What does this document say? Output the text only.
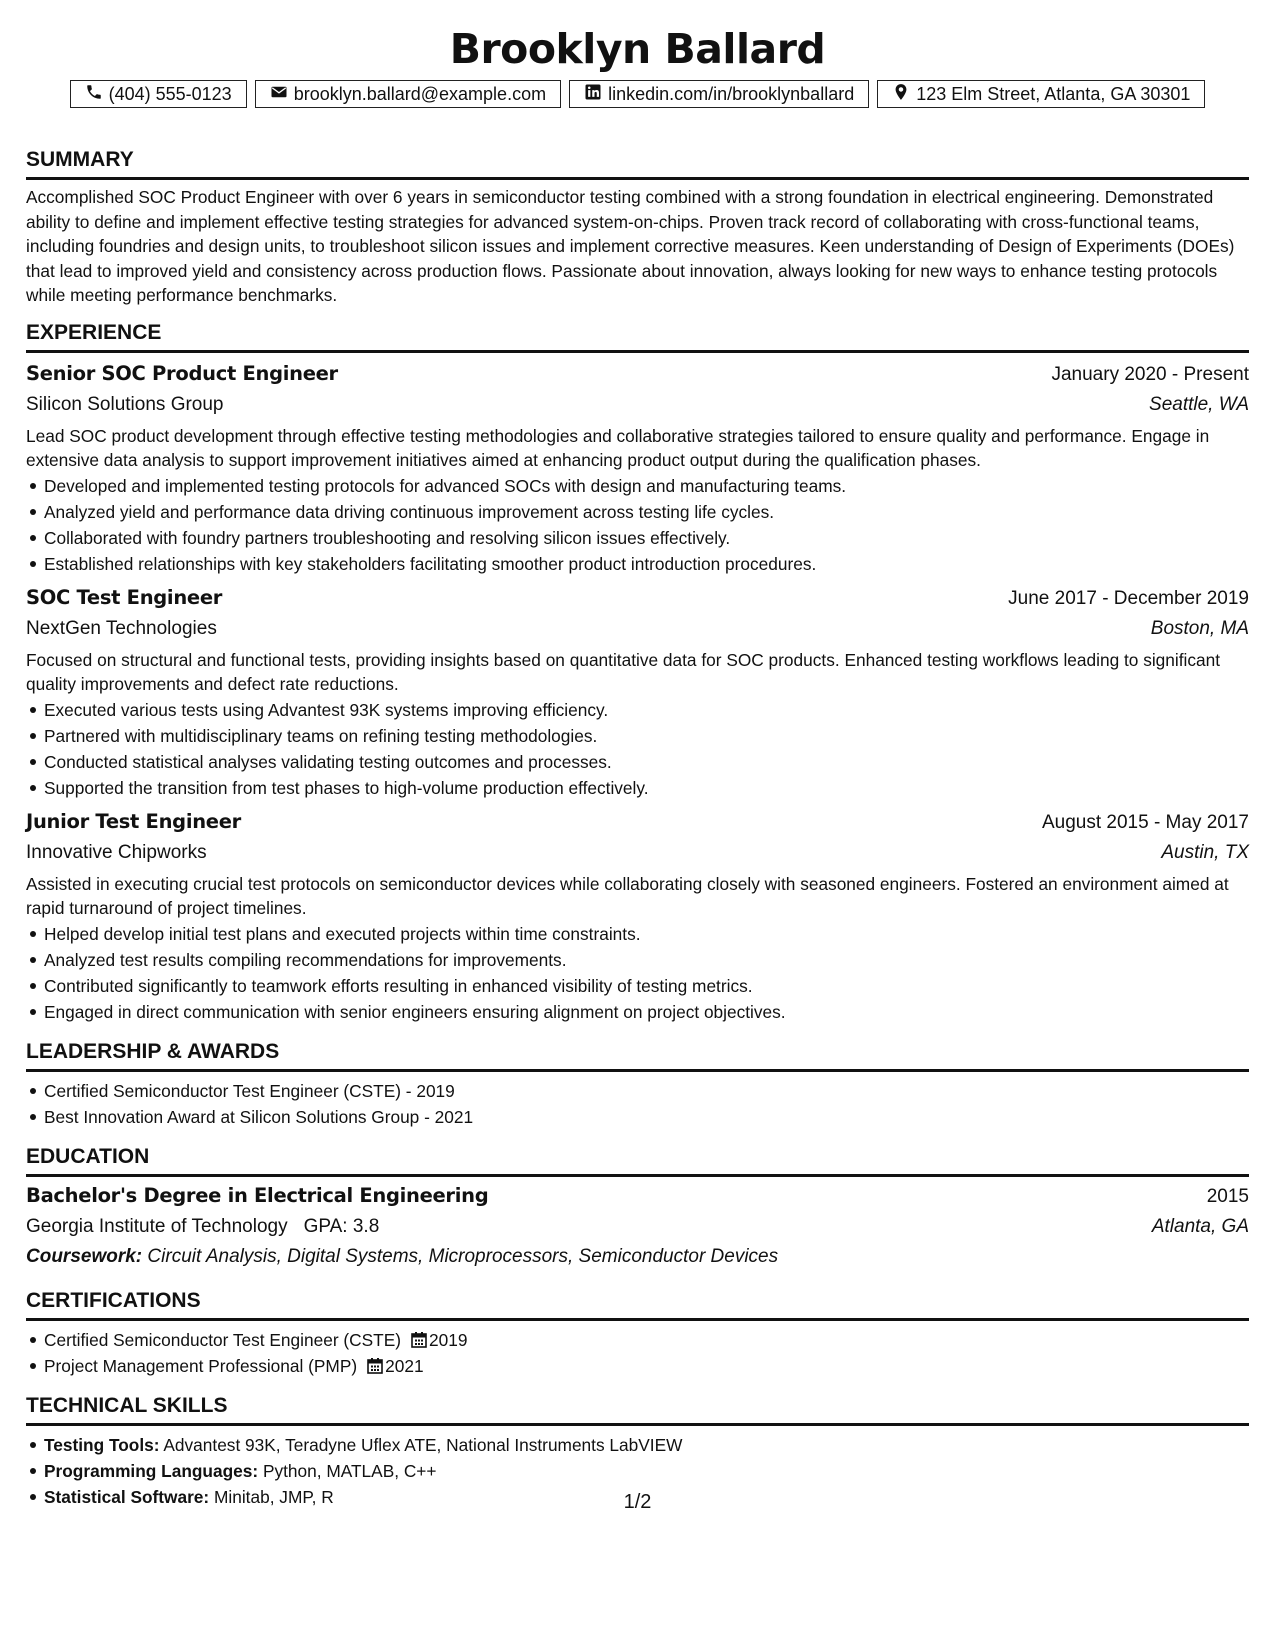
Brooklyn Ballard
(404) 555-0123	brooklyn.ballard@example.com	linkedin.com/in/brooklynballard	123 Elm Street, Atlanta, GA 30301
SUMMARY

Accomplished SOC Product Engineer with over 6 years in semiconductor testing combined with a strong foundation in electrical engineering. Demonstrated ability to define and implement effective testing strategies for advanced system-on-chips. Proven track record of collaborating with cross-functional teams, including foundries and design units, to troubleshoot silicon issues and implement corrective measures. Keen understanding of Design of Experiments (DOEs) that lead to improved yield and consistency across production flows. Passionate about innovation, always looking for new ways to enhance testing protocols while meeting performance benchmarks.

EXPERIENCE
Senior SOC Product Engineer	January 2020 - Present
Silicon Solutions Group	Seattle, WA

Lead SOC product development through effective testing methodologies and collaborative strategies tailored to ensure quality and performance. Engage in extensive data analysis to support improvement initiatives aimed at enhancing product output during the qualification phases.

Developed and implemented testing protocols for advanced SOCs with design and manufacturing teams.
Analyzed yield and performance data driving continuous improvement across testing life cycles.
Collaborated with foundry partners troubleshooting and resolving silicon issues effectively.
Established relationships with key stakeholders facilitating smoother product introduction procedures.
SOC Test Engineer	June 2017 - December 2019
NextGen Technologies	Boston, MA

Focused on structural and functional tests, providing insights based on quantitative data for SOC products. Enhanced testing workflows leading to significant quality improvements and defect rate reductions.

Executed various tests using Advantest 93K systems improving efficiency.
Partnered with multidisciplinary teams on refining testing methodologies.
Conducted statistical analyses validating testing outcomes and processes.
Supported the transition from test phases to high-volume production effectively.
Junior Test Engineer	August 2015 - May 2017
Innovative Chipworks	Austin, TX

Assisted in executing crucial test protocols on semiconductor devices while collaborating closely with seasoned engineers. Fostered an environment aimed at rapid turnaround of project timelines.

Helped develop initial test plans and executed projects within time constraints.
Analyzed test results compiling recommendations for improvements.
Contributed significantly to teamwork efforts resulting in enhanced visibility of testing metrics.
Engaged in direct communication with senior engineers ensuring alignment on project objectives.
LEADERSHIP & AWARDS
Certified Semiconductor Test Engineer (CSTE) - 2019
Best Innovation Award at Silicon Solutions Group - 2021
EDUCATION
Bachelor's Degree in Electrical Engineering	2015
Georgia Institute of Technology GPA: 3.8	Atlanta, GA
Coursework: Circuit Analysis, Digital Systems, Microprocessors, Semiconductor Devices
CERTIFICATIONS
Certified Semiconductor Test Engineer (CSTE) 2019
Project Management Professional (PMP) 2021
TECHNICAL SKILLS
Testing Tools: Advantest 93K, Teradyne Uflex ATE, National Instruments LabVIEW
Programming Languages: Python, MATLAB, C++
Statistical Software: Minitab, JMP, R	1/2
